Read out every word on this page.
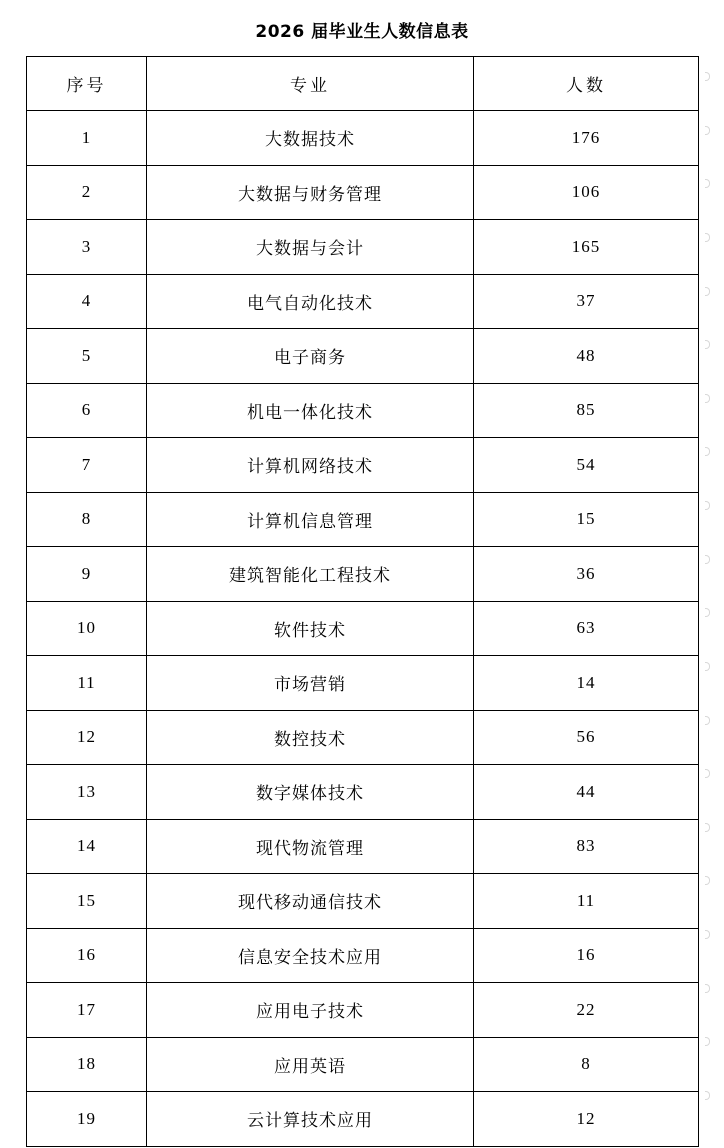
2026 届毕业生人数信息表
序号	专业	人数
1	大数据技术	176
2	大数据与财务管理	106
3	大数据与会计	165
4	电气自动化技术	37
5	电子商务	48
6	机电一体化技术	85
7	计算机网络技术	54
8	计算机信息管理	15
9	建筑智能化工程技术	36
10	软件技术	63
11	市场营销	14
12	数控技术	56
13	数字媒体技术	44
14	现代物流管理	83
15	现代移动通信技术	11
16	信息安全技术应用	16
17	应用电子技术	22
18	应用英语	8
19	云计算技术应用	12
